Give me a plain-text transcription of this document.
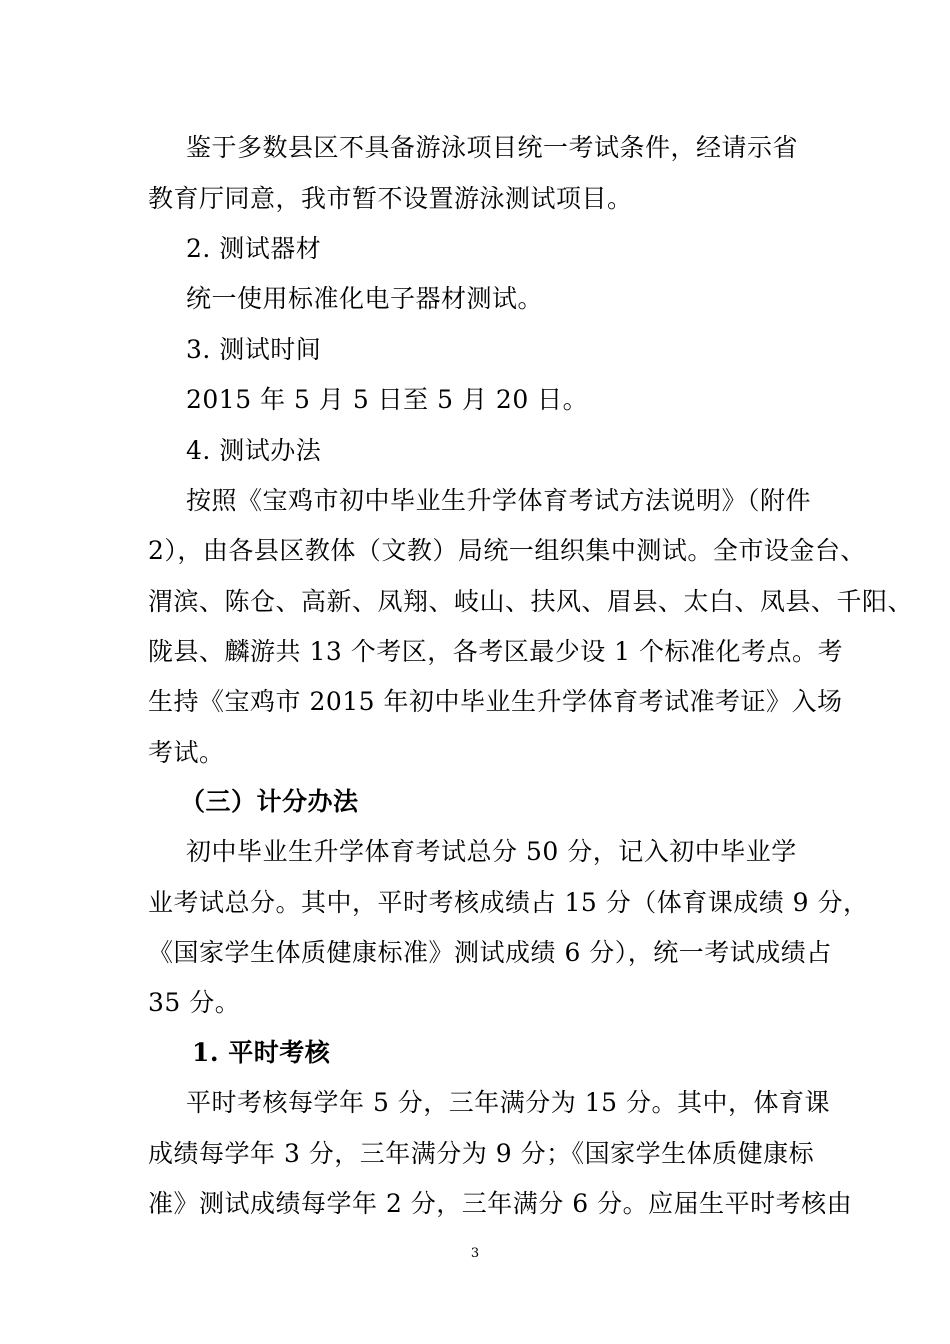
鉴于多数县区不具备游泳项目统一考试条件，经请示省
教育厅同意，我市暂不设置游泳测试项目。
2. 测试器材
统一使用标准化电子器材测试。
3. 测试时间
2015 年 5 月 5 日至 5 月 20 日。
4. 测试办法
按照《宝鸡市初中毕业生升学体育考试方法说明》（附件
2），由各县区教体（文教）局统一组织集中测试。全市设金台、
渭滨、陈仓、高新、凤翔、岐山、扶风、眉县、太白、凤县、千阳、
陇县、麟游共 13 个考区，各考区最少设 1 个标准化考点。考
生持《宝鸡市 2015 年初中毕业生升学体育考试准考证》入场
考试。
（三）计分办法
初中毕业生升学体育考试总分 50 分，记入初中毕业学
业考试总分。其中，平时考核成绩占 15 分（体育课成绩 9 分，
《国家学生体质健康标准》测试成绩 6 分），统一考试成绩占
35 分。
1. 平时考核
平时考核每学年 5 分，三年满分为 15 分。其中，体育课
成绩每学年 3 分，三年满分为 9 分；《国家学生体质健康标
准》测试成绩每学年 2 分，三年满分 6 分。应届生平时考核由
3
